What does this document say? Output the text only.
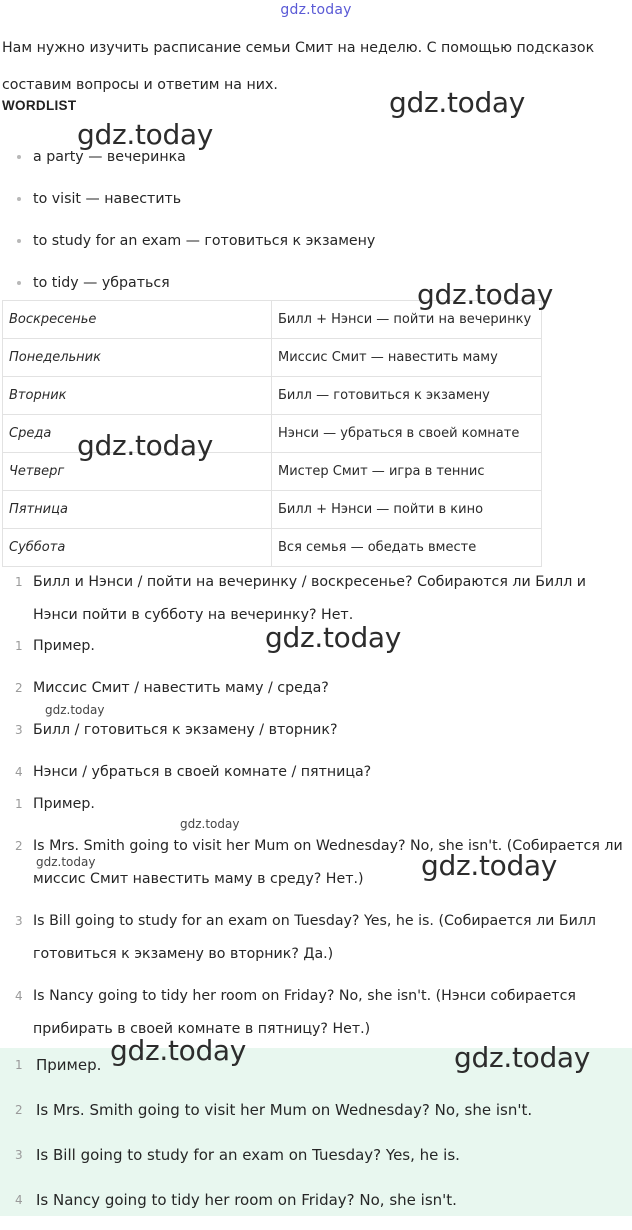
gdz.today
Нам нужно изучить расписание семьи Смит на неделю. С помощью подсказок составим вопросы и ответим на них.
WORDLIST
a party — вечеринка
to visit — навестить
to study for an exam — готовиться к экзамену
to tidy — убраться
Воскресенье	Билл + Нэнси — пойти на вечеринку
Понедельник	Миссис Смит — навестить маму
Вторник	Билл — готовиться к экзамену
Среда	Нэнси — убраться в своей комнате
Четверг	Мистер Смит — игра в теннис
Пятница	Билл + Нэнси — пойти в кино
Суббота	Вся семья — обедать вместе
1 Билл и Нэнси / пойти на вечеринку / воскресенье? Собираются ли Билл и Нэнси пойти в субботу на вечеринку? Нет.
1 Пример.
2 Миссис Смит / навестить маму / среда?
3 Билл / готовиться к экзамену / вторник?
4 Нэнси / убраться в своей комнате / пятница?
1 Пример.
2 Is Mrs. Smith going to visit her Mum on Wednesday? No, she isn't. (Собирается ли миссис Смит навестить маму в среду? Нет.)
3 Is Bill going to study for an exam on Tuesday? Yes, he is. (Собирается ли Билл готовиться к экзамену во вторник? Да.)
4 Is Nancy going to tidy her room on Friday? No, she isn't. (Нэнси собирается прибирать в своей комнате в пятницу? Нет.)
1 Пример.
2 Is Mrs. Smith going to visit her Mum on Wednesday? No, she isn't.
3 Is Bill going to study for an exam on Tuesday? Yes, he is.
4 Is Nancy going to tidy her room on Friday? No, she isn't.
gdz.today
gdz.today
gdz.today
gdz.today
gdz.today
gdz.today
gdz.today
gdz.today	gdz.today
gdz.today	gdz.today
